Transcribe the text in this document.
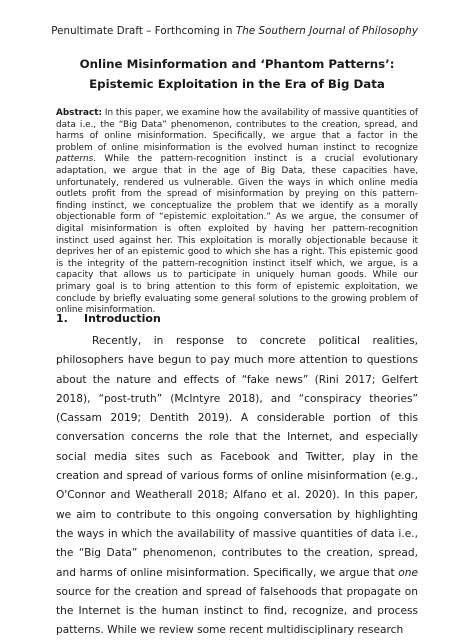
Penultimate Draft – Forthcoming in The Southern Journal of Philosophy
Online Misinformation and ‘Phantom Patterns’: Epistemic Exploitation in the Era of Big Data
Abstract: In this paper, we examine how the availability of massive quantities of data i.e., the “Big Data” phenomenon, contributes to the creation, spread, and harms of online misinformation. Specifically, we argue that a factor in the problem of online misinformation is the evolved human instinct to recognize patterns. While the pattern-recognition instinct is a crucial evolutionary adaptation, we argue that in the age of Big Data, these capacities have, unfortunately, rendered us vulnerable. Given the ways in which online media outlets profit from the spread of misinformation by preying on this pattern-finding instinct, we conceptualize the problem that we identify as a morally objectionable form of “epistemic exploitation.” As we argue, the consumer of digital misinformation is often exploited by having her pattern-recognition instinct used against her. This exploitation is morally objectionable because it deprives her of an epistemic good to which she has a right. This epistemic good is the integrity of the pattern-recognition instinct itself which, we argue, is a capacity that allows us to participate in uniquely human goods. While our primary goal is to bring attention to this form of epistemic exploitation, we conclude by briefly evaluating some general solutions to the growing problem of online misinformation.
1. Introduction

Recently, in response to concrete political realities, philosophers have begun to pay much more attention to questions about the nature and effects of “fake news” (Rini 2017; Gelfert 2018), “post-truth” (McIntyre 2018), and “conspiracy theories” (Cassam 2019; Dentith 2019). A considerable portion of this conversation concerns the role that the Internet, and especially social media sites such as Facebook and Twitter, play in the creation and spread of various forms of online misinformation (e.g., O'Connor and Weatherall 2018; Alfano et al. 2020). In this paper, we aim to contribute to this ongoing conversation by highlighting the ways in which the availability of massive quantities of data i.e., the “Big Data” phenomenon, contributes to the creation, spread, and harms of online misinformation. Specifically, we argue that one source for the creation and spread of falsehoods that propagate on the Internet is the human instinct to find, recognize, and process patterns. While we review some recent multidisciplinary research
